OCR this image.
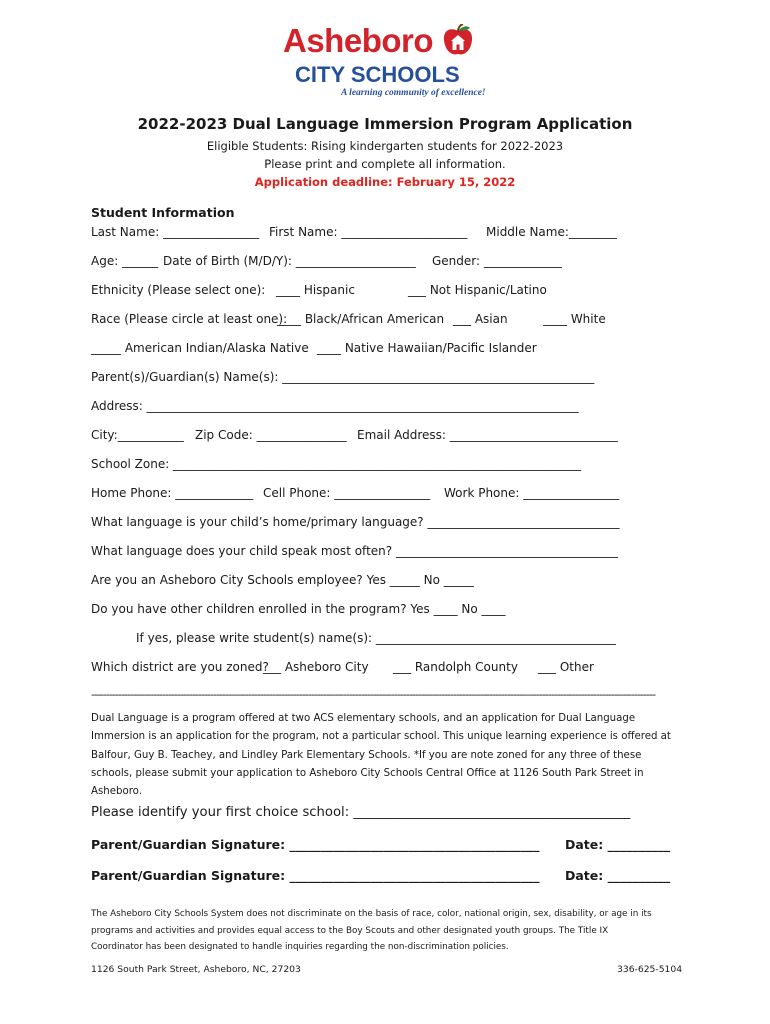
Asheboro
CITY SCHOOLS
A learning community of excellence!
2022-2023 Dual Language Immersion Program Application
Eligible Students: Rising kindergarten students for 2022-2023
Please print and complete all information.
Application deadline: February 15, 2022
Student Information
Last Name: ________________ First Name: _____________________ Middle Name:________
Age: ______ Date of Birth (M/D/Y): ____________________ Gender: _____________
Ethnicity (Please select one): ____ Hispanic	___ Not Hispanic/Latino
Race (Please circle at least one):
____ Black/African American ___ Asian	____ White
_____ American Indian/Alaska Native ____ Native Hawaiian/Pacific Islander
Parent(s)/Guardian(s) Name(s): ____________________________________________________
Address: ________________________________________________________________________
City:___________ Zip Code: _______________ Email Address: ____________________________
School Zone: ____________________________________________________________________
Home Phone: _____________ Cell Phone: ________________ Work Phone: ________________
What language is your child’s home/primary language? ________________________________
What language does your child speak most often? _____________________________________
Are you an Asheboro City Schools employee? Yes _____ No _____
Do you have other children enrolled in the program? Yes ____ No ____
If yes, please write student(s) name(s): ________________________________________
Which district are you zoned?
___ Asheboro City ___ Randolph County ___ Other
----------------------------------------------------------------------------------------------------------------------------------------------------------------------------------------------

Dual Language is a program offered at two ACS elementary schools, and an application for Dual Language

Immersion is an application for the program, not a particular school. This unique learning experience is offered at

Balfour, Guy B. Teachey, and Lindley Park Elementary Schools. *If you are note zoned for any three of these

schools, please submit your application to Asheboro City Schools Central Office at 1126 South Park Street in

Asheboro.

Please identify your first choice school: __________________________________________
Parent/Guardian Signature: ________________________________________ Date: __________
Parent/Guardian Signature: ________________________________________ Date: __________

The Asheboro City Schools System does not discriminate on the basis of race, color, national origin, sex, disability, or age in its

programs and activities and provides equal access to the Boy Scouts and other designated youth groups. The Title IX

Coordinator has been designated to handle inquiries regarding the non-discrimination policies.

1126 South Park Street, Asheboro, NC, 27203	336-625-5104
